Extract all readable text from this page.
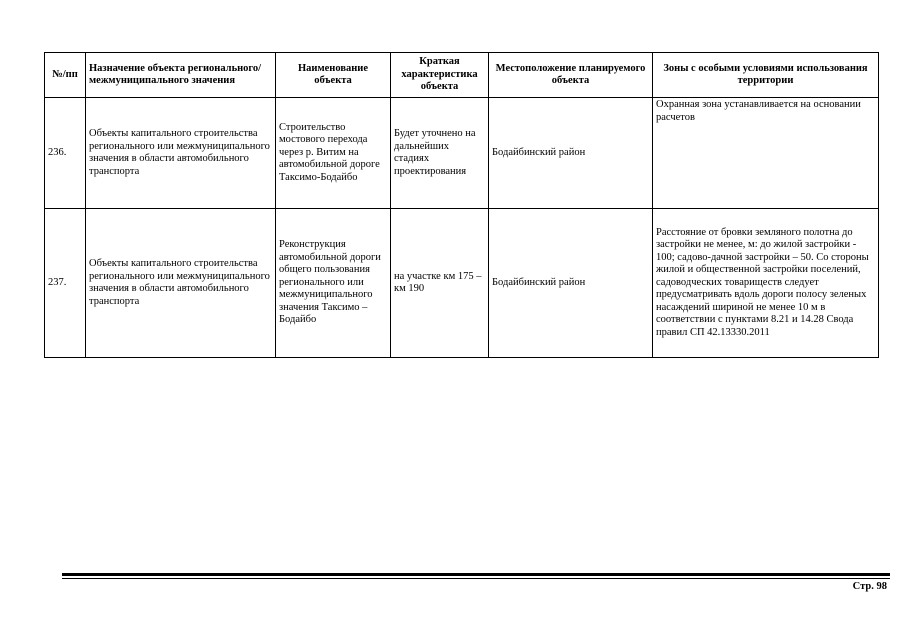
№/пп	Назначение объекта регионального/ межмуниципального значения	Наименование объекта	Краткая характеристика объекта	Местоположение планируемого объекта	Зоны с особыми условиями использования территории
236.	Объекты капитального строительства регионального или межмуниципального значения в области автомобильного транспорта	Строительство мостового перехода через р. Витим на автомобильной дороге Таксимо-Бодайбо	Будет уточнено на дальнейших стадиях проектирования	Бодайбинский район	Охранная зона устанавливается на основании расчетов
237.	Объекты капитального строительства регионального или межмуниципального значения в области автомобильного транспорта	Реконструкция автомобильной дороги общего пользования регионального или межмуниципального значения Таксимо – Бодайбо	на участке км 175 – км 190	Бодайбинский район	Расстояние от бровки земляного полотна до застройки не менее, м: до жилой застройки - 100; садово-дачной застройки – 50. Со стороны жилой и общественной застройки поселений, садоводческих товариществ следует предусматривать вдоль дороги полосу зеленых насаждений шириной не менее 10 м в соответствии с пунктами 8.21 и 14.28 Свода правил СП 42.13330.2011
Стр. 98
